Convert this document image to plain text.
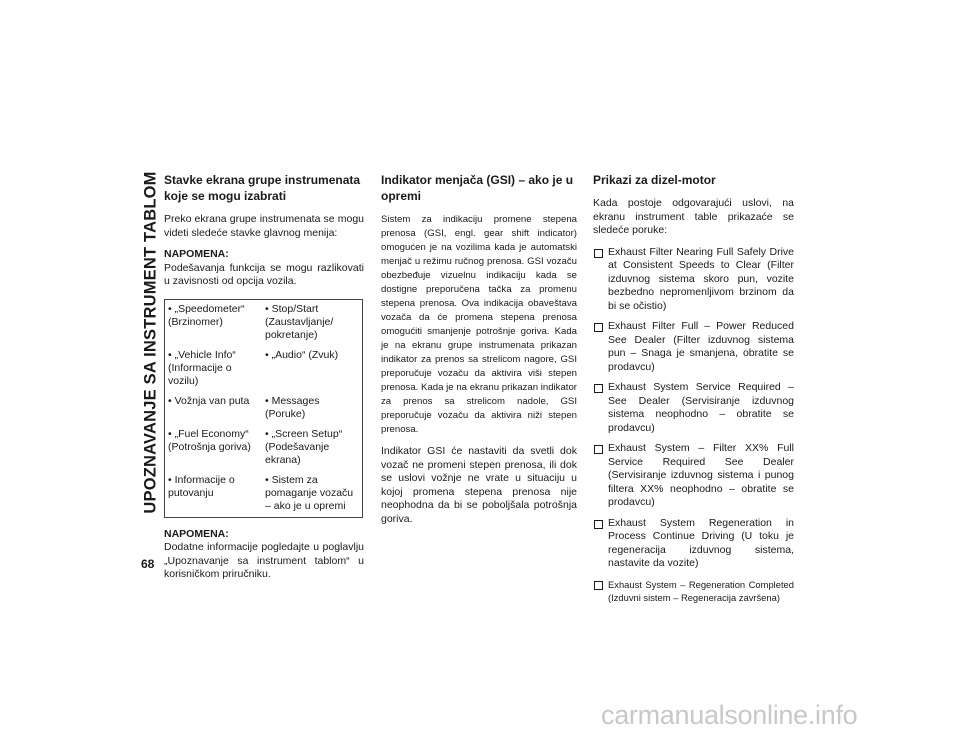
UPOZNAVANJE SA INSTRUMENT TABLOM
68
Stavke ekrana grupe instrumenata koje se mogu izabrati

Preko ekrana grupe instrumenata se mogu videti sledeće stavke glavnog menija:

NAPOMENA:

Podešavanja funkcija se mogu razlikovati u zavisnosti od opcija vozila.

• „Speedometer“ (Brzinomer)	• Stop/Start (Zaustavljanje/ pokretanje)
• „Vehicle Info“ (Informacije o vozilu)	• „Audio“ (Zvuk)
• Vožnja van puta	• Messages (Poruke)
• „Fuel Economy“ (Potrošnja goriva)	• „Screen Setup“ (Podešavanje ekrana)
• Informacije o putovanju	• Sistem za pomaganje vozaču – ako je u opremi
NAPOMENA:

Dodatne informacije pogledajte u poglavlju „Upoznavanje sa instrument tablom“ u korisničkom priručniku.

Indikator menjača (GSI) – ako je u opremi

Sistem za indikaciju promene stepena prenosa (GSI, engl. gear shift indicator) omogućen je na vozilima kada je automatski menjač u režimu ručnog prenosa. GSI vozaču obezbeđuje vizuelnu indikaciju kada se dostigne preporučena tačka za promenu stepena prenosa. Ova indikacija obaveštava vozača da će promena stepena prenosa omogućiti smanjenje potrošnje goriva. Kada je na ekranu grupe instrumenata prikazan indikator za prenos sa strelicom nagore, GSI preporučuje vozaču da aktivira viši stepen prenosa. Kada je na ekranu prikazan indikator za prenos sa strelicom nadole, GSI preporučuje vozaču da aktivira niži stepen prenosa.

Indikator GSI će nastaviti da svetli dok vozač ne promeni stepen prenosa, ili dok se uslovi vožnje ne vrate u situaciju u kojoj promena stepena prenosa nije neophodna da bi se poboljšala potrošnja goriva.

Prikazi za dizel-motor

Kada postoje odgovarajući uslovi, na ekranu instrument table prikazaće se sledeće poruke:

Exhaust Filter Nearing Full Safely Drive at Consistent Speeds to Clear (Filter izduvnog sistema skoro pun, vozite bezbedno nepromenljivom brzinom da bi se očistio)
Exhaust Filter Full – Power Reduced See Dealer (Filter izduvnog sistema pun – Snaga je smanjena, obratite se prodavcu)
Exhaust System Service Required – See Dealer (Servisiranje izduvnog sistema neophodno – obratite se prodavcu)
Exhaust System – Filter XX% Full Service Required See Dealer (Servisiranje izduvnog sistema i punog filtera XX% neophodno – obratite se prodavcu)
Exhaust System Regeneration in Process Continue Driving (U toku je regeneracija izduvnog sistema, nastavite da vozite)
Exhaust System – Regeneration Completed (Izduvni sistem – Regeneracija završena)
carmanualsonline.info
